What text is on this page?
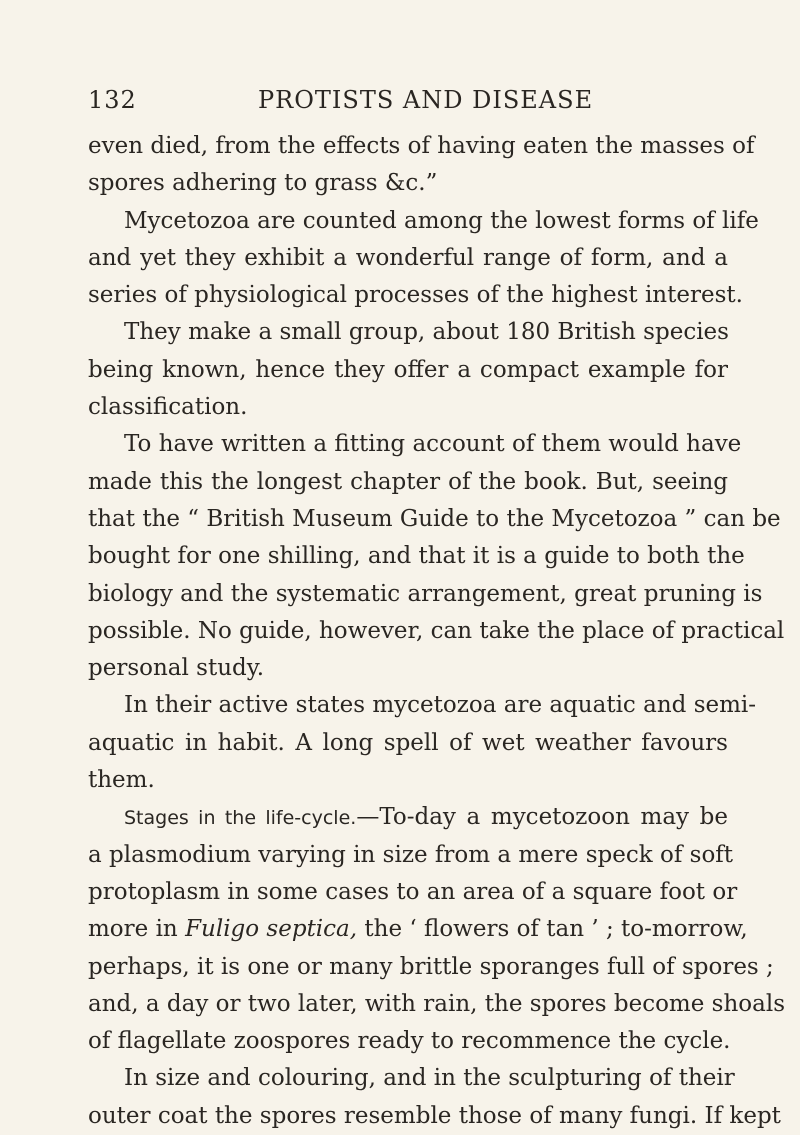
132	PROTISTS AND DISEASE
even died, from the effects of having eaten the masses of
spores adhering to grass &c.”
Mycetozoa are counted among the lowest forms of life
and yet they exhibit a wonderful range of form, and a
series of physiological processes of the highest interest.
They make a small group, about 180 British species
being known, hence they offer a compact example for
classification.
To have written a fitting account of them would have
made this the longest chapter of the book. But, seeing
that the “ British Museum Guide to the Mycetozoa ” can be
bought for one shilling, and that it is a guide to both the
biology and the systematic arrangement, great pruning is
possible. No guide, however, can take the place of practical
personal study.
In their active states mycetozoa are aquatic and semi-
aquatic in habit. A long spell of wet weather favours
them.
Stages in the life-cycle.—To-day a mycetozoon may be
a plasmodium varying in size from a mere speck of soft
protoplasm in some cases to an area of a square foot or
more in Fuligo septica, the ‘ flowers of tan ’ ; to-morrow,
perhaps, it is one or many brittle sporanges full of spores ;
and, a day or two later, with rain, the spores become shoals
of flagellate zoospores ready to recommence the cycle.
In size and colouring, and in the sculpturing of their
outer coat the spores resemble those of many fungi. If kept
